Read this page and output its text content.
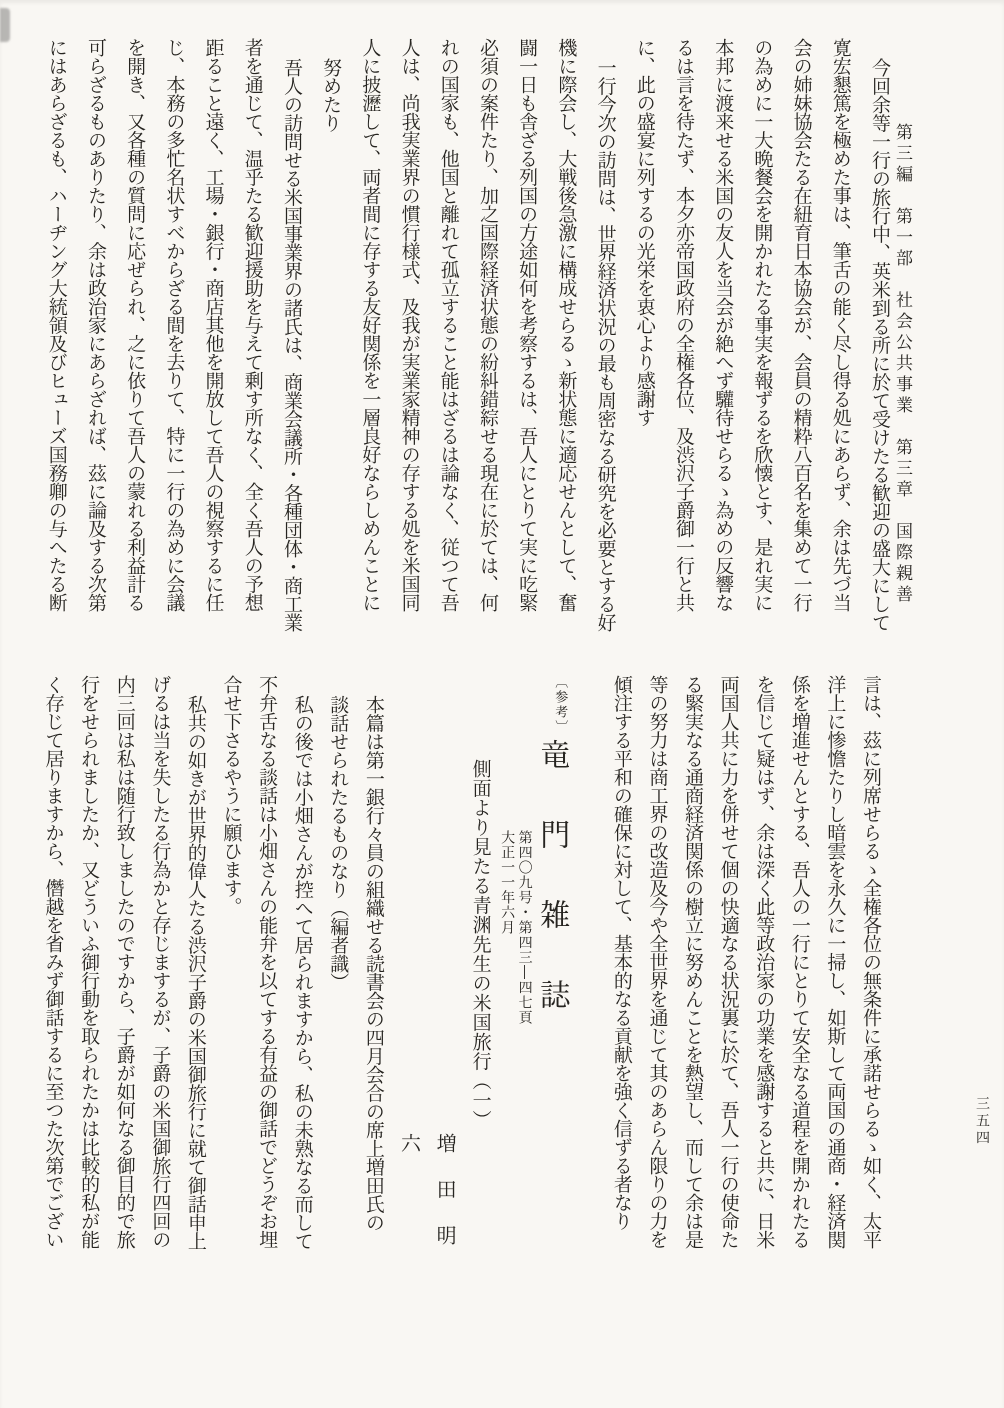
第三編　第一部　社会公共事業　第三章　国際親善
三五四
今回余等一行の旅行中、英米到る所に於て受けたる歓迎の盛大にして
寛宏懇篤を極めた事は、筆舌の能く尽し得る処にあらず、余は先づ当
会の姉妹協会たる在紐育日本協会が、会員の精粋八百名を集めて一行
の為めに一大晩餐会を開かれたる事実を報ずるを欣懐とす、是れ実に
本邦に渡来せる米国の友人を当会が絶へず驩待せらるゝ為めの反響な
るは言を待たず、本夕亦帝国政府の全権各位、及渋沢子爵御一行と共
に、此の盛宴に列するの光栄を衷心より感謝す
一行今次の訪問は、世界経済状況の最も周密なる研究を必要とする好
機に際会し、大戦後急激に構成せらるゝ新状態に適応せんとして、奮
闘一日も舎ざる列国の方途如何を考察するは、吾人にとりて実に吃緊
必須の案件たり、加之国際経済状態の紛糾錯綜せる現在に於ては、何
れの国家も、他国と離れて孤立すること能はざるは論なく、従つて吾
人は、尚我実業界の慣行様式、及我が実業家精神の存する処を米国同
人に披瀝して、両者間に存する友好関係を一層良好ならしめんことに
努めたり
吾人の訪問せる米国事業界の諸氏は、商業会議所・各種団体・商工業
者を通じて、温乎たる歓迎援助を与えて剰す所なく、全く吾人の予想
距ること遠く、工場・銀行・商店其他を開放して吾人の視察するに任
じ、本務の多忙名状すべからざる間を去りて、特に一行の為めに会議
を開き、又各種の質問に応ぜられ、之に依りて吾人の蒙れる利益計る
可らざるものありたり、余は政治家にあらざれば、茲に論及する次第
にはあらざるも、ハーヂング大統領及びヒューズ国務卿の与へたる断
言は、茲に列席せらるゝ全権各位の無条件に承諾せらるゝ如く、太平
洋上に惨憺たりし暗雲を永久に一掃し、如斯して両国の通商・経済関
係を増進せんとする、吾人の一行にとりて安全なる道程を開かれたる
を信じて疑はず、余は深く此等政治家の功業を感謝すると共に、日米
両国人共に力を併せて個の快適なる状況裏に於て、吾人一行の使命た
る緊実なる通商経済関係の樹立に努めんことを熱望し、而して余は是
等の努力は商工界の改造及今や全世界を通じて其のあらん限りの力を
傾注する平和の確保に対して、基本的なる貢献を強く信ずる者なり
〔参考〕竜門雑誌
第四〇九号・第四三―四七頁
大正一一年六月
側面より見たる青渊先生の米国旅行（一）
増田明六
本篇は第一銀行々員の組織せる読書会の四月会合の席上増田氏の
談話せられたるものなり（編者識）
私の後では小畑さんが控へて居られますから、私の未熟なる而して
不弁舌なる談話は小畑さんの能弁を以てする有益の御話でどうぞお埋
合せ下さるやうに願ひます。
私共の如きが世界的偉人たる渋沢子爵の米国御旅行に就て御話申上
げるは当を失したる行為かと存じまするが、子爵の米国御旅行四回の
内三回は私は随行致しましたのですから、子爵が如何なる御目的で旅
行をせられましたか、又どういふ御行動を取られたかは比較的私が能
く存じて居りますから、僭越を省みず御話するに至つた次第でござい
